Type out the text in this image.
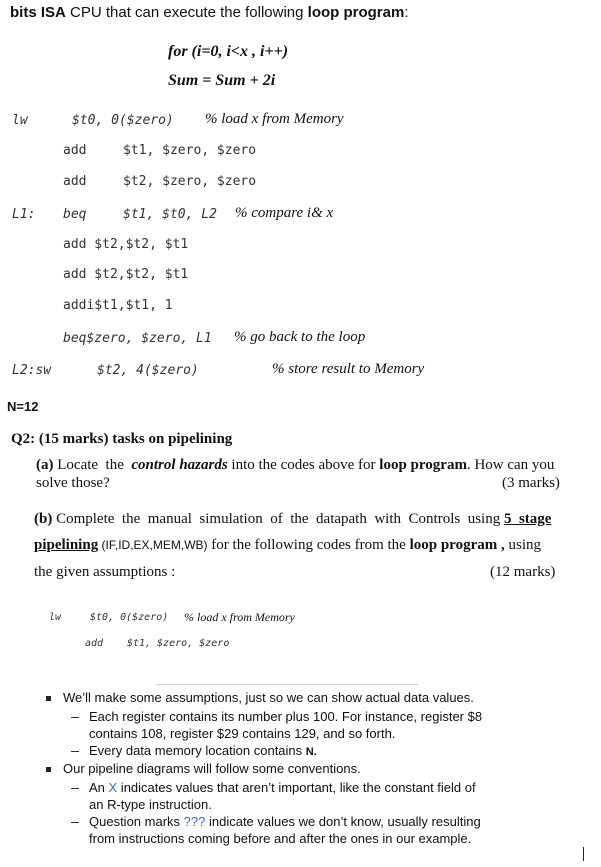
bits ISA CPU that can execute the following loop program:
for (i=0, i<x , i++)
Sum = Sum + 2i
lw	$t0, 0($zero) % load x from Memory
add	$t1, $zero, $zero
add	$t2, $zero, $zero
L1: beq	$t1, $t0, L2 % compare i& x
add $t2,$t2, $t1
add $t2,$t2, $t1
addi$t1,$t1, 1
beq$zero, $zero, L1 % go back to the loop
L2:sw	$t2, 4($zero)	% store result to Memory
N=12
Q2: (15 marks) tasks on pipelining
(a) Locate  the  control hazards into the codes above for loop program. How can you
solve those?	(3 marks)
(b) Complete  the  manual  simulation  of  the  datapath  with  Controls  using 5  stage
pipelining (IF,ID,EX,MEM,WB) for the following codes from the loop program , using
the given assumptions :	(12 marks)
lw	$t0, 0($zero) % load x from Memory
add $t1, $zero, $zero
We’ll make some assumptions, just so we can show actual data values.
Each register contains its number plus 100. For instance, register $8
contains 108, register $29 contains 129, and so forth.
Every data memory location contains N.
Our pipeline diagrams will follow some conventions.
An X indicates values that aren’t important, like the constant field of
an R-type instruction.
Question marks ??? indicate values we don’t know, usually resulting
from instructions coming before and after the ones in our example.
